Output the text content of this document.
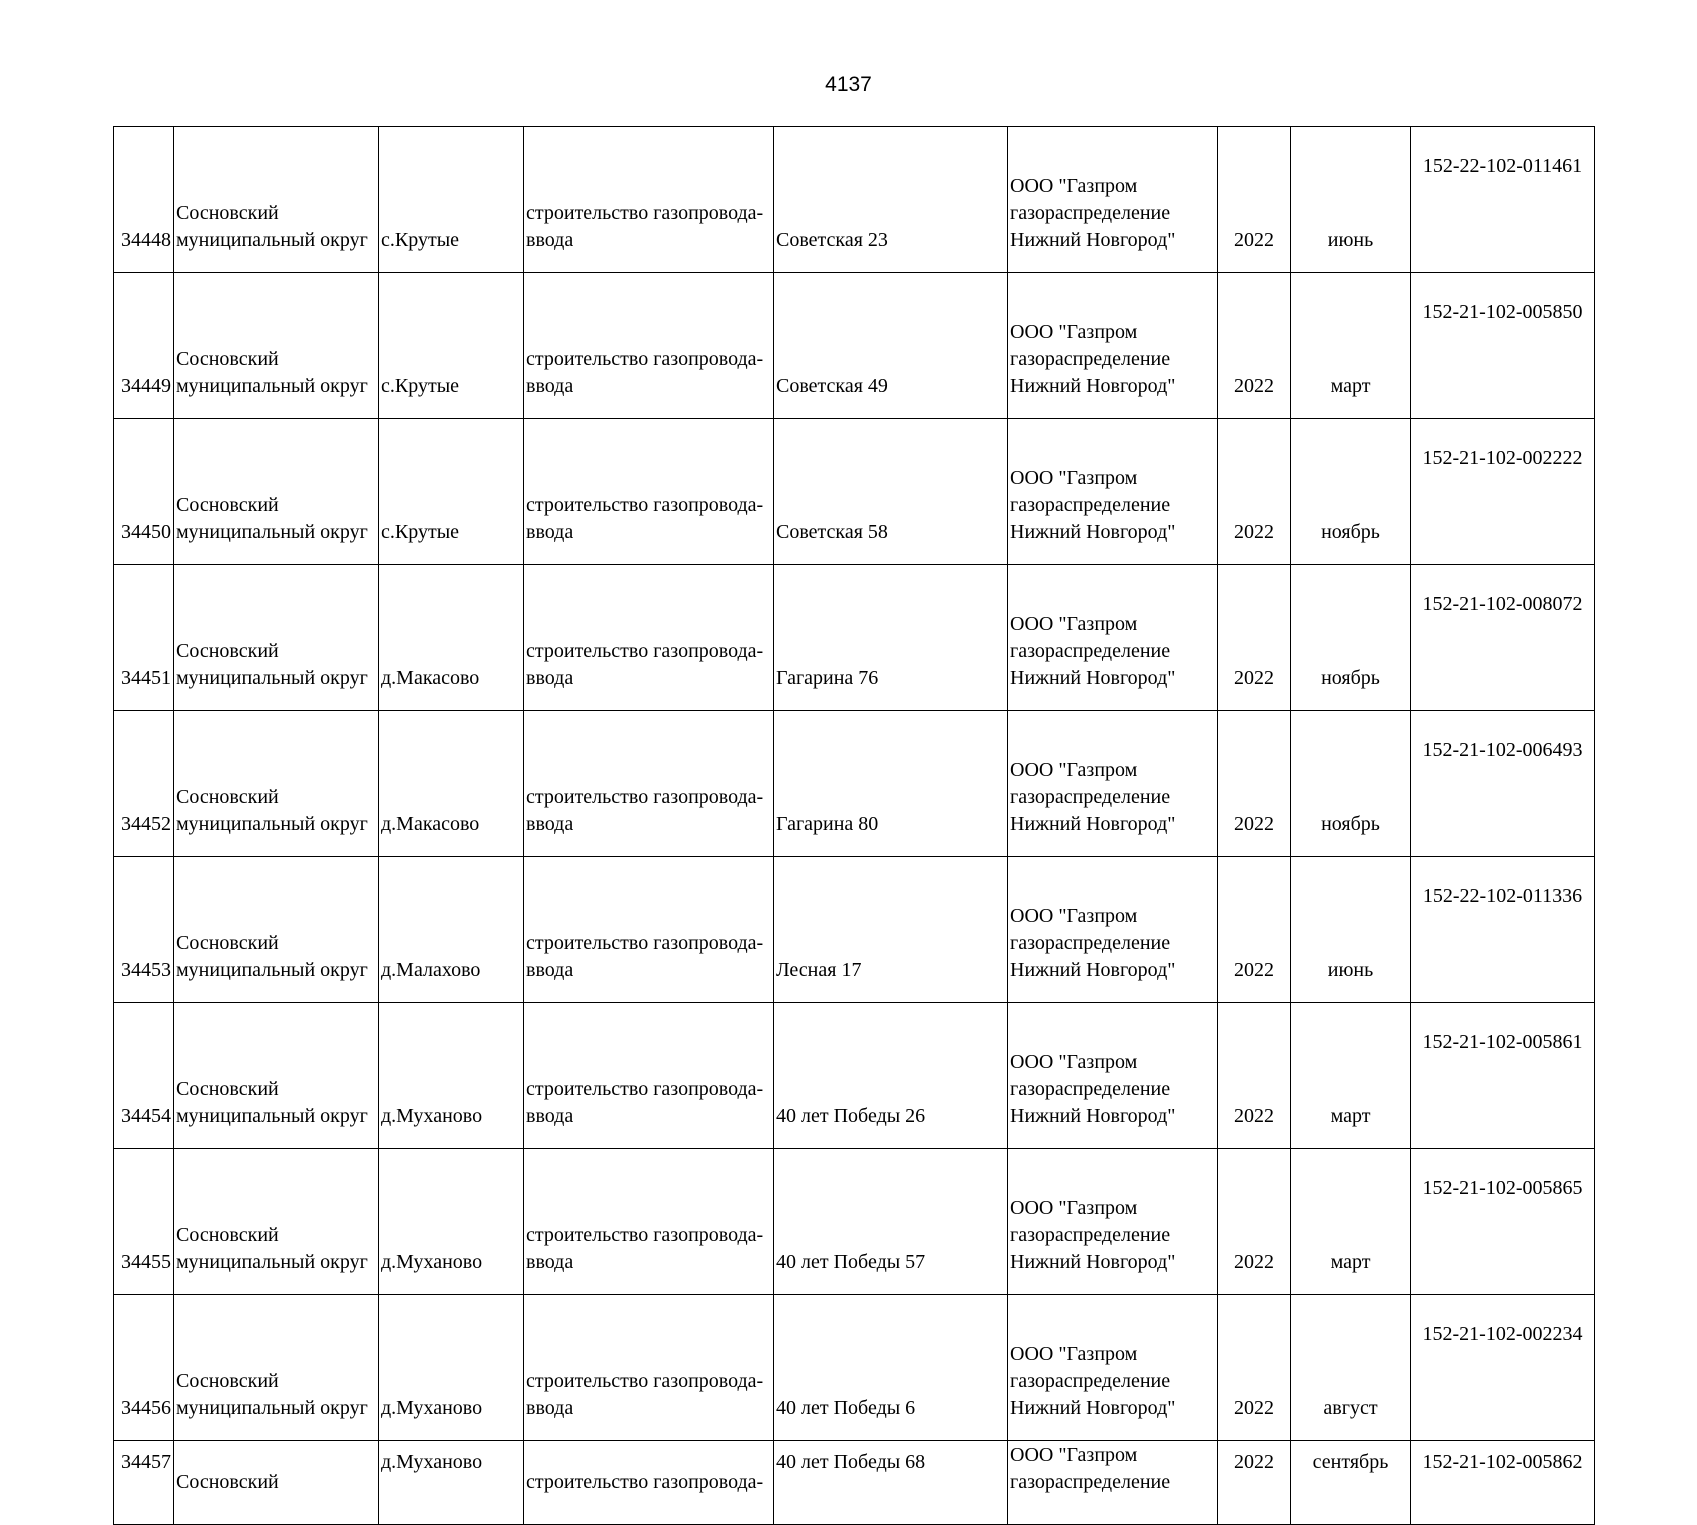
4137
34448	Сосновский
муниципальный округ	с.Крутые	строительство газопровода-
ввода	Советская 23	ООО "Газпром
газораспределение
Нижний Новгород"	2022	июнь	152-22-102-011461
34449	Сосновский
муниципальный округ	с.Крутые	строительство газопровода-
ввода	Советская 49	ООО "Газпром
газораспределение
Нижний Новгород"	2022	март	152-21-102-005850
34450	Сосновский
муниципальный округ	с.Крутые	строительство газопровода-
ввода	Советская 58	ООО "Газпром
газораспределение
Нижний Новгород"	2022	ноябрь	152-21-102-002222
34451	Сосновский
муниципальный округ	д.Макасово	строительство газопровода-
ввода	Гагарина 76	ООО "Газпром
газораспределение
Нижний Новгород"	2022	ноябрь	152-21-102-008072
34452	Сосновский
муниципальный округ	д.Макасово	строительство газопровода-
ввода	Гагарина 80	ООО "Газпром
газораспределение
Нижний Новгород"	2022	ноябрь	152-21-102-006493
34453	Сосновский
муниципальный округ	д.Малахово	строительство газопровода-
ввода	Лесная 17	ООО "Газпром
газораспределение
Нижний Новгород"	2022	июнь	152-22-102-011336
34454	Сосновский
муниципальный округ	д.Муханово	строительство газопровода-
ввода	40 лет Победы 26	ООО "Газпром
газораспределение
Нижний Новгород"	2022	март	152-21-102-005861
34455	Сосновский
муниципальный округ	д.Муханово	строительство газопровода-
ввода	40 лет Победы 57	ООО "Газпром
газораспределение
Нижний Новгород"	2022	март	152-21-102-005865
34456	Сосновский
муниципальный округ	д.Муханово	строительство газопровода-
ввода	40 лет Победы 6	ООО "Газпром
газораспределение
Нижний Новгород"	2022	август	152-21-102-002234
34457	Сосновский	д.Муханово	строительство газопровода-	40 лет Победы 68	ООО "Газпром
газораспределение	2022	сентябрь	152-21-102-005862
